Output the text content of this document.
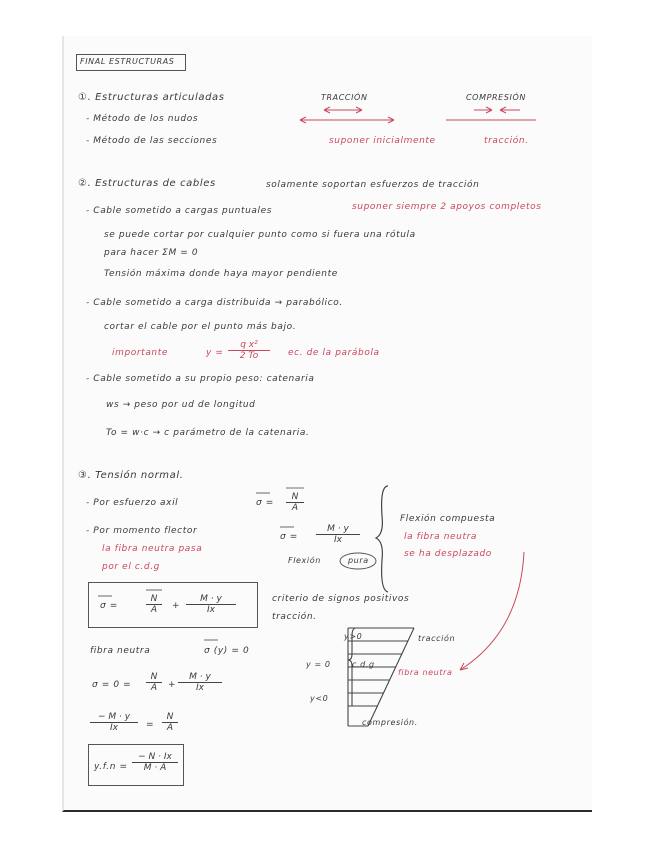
FINAL ESTRUCTURAS
①. Estructuras articuladas
- Método de los nudos
- Método de las secciones
TRACCIÓN	COMPRESIÓN
suponer inicialmente	tracción.
②. Estructuras de cables	solamente soportan esfuerzos de tracción
- Cable sometido a cargas puntuales	suponer siempre 2 apoyos completos
se puede cortar por cualquier punto como si fuera una rótula
para hacer ΣM = 0
Tensión máxima donde haya mayor pendiente
- Cable sometido a carga distribuida → parabólico.
cortar el cable por el punto más bajo.
importante	$y = \frac{\text{q x²}}{2 To}$ ec. de la parábola
- Cable sometido a su propio peso: catenaria
ws → peso por ud de longitud
To = w·c → c parámetro de la catenaria.
③. Tensión normal.
- Por esfuerzo axil	$\sigma = \frac{N}{A}$
- Por momento flector
la fibra neutra pasa
por el c.d.g
$\sigma = \frac{M \cdot y}{Ix}$
Flexión	pura
Flexión compuesta
la fibra neutra
se ha desplazado
σ =	$\frac{N}{A} + \frac{M \cdot y}{Ix}$	criterio de signos positivos
tracción.
fibra neutra	σ (y) = 0
$\sigma = 0 = \frac{N}{A} + \frac{M \cdot y}{Ix}$
$\frac{- M \cdot y}{Ix} = \frac{N}{A}$
$y.f.n = \frac{- N \cdot Ix}{M \cdot A}$
y>0
y = 0
y<0
c.d.g
tracción
fibra neutra
compresión.
